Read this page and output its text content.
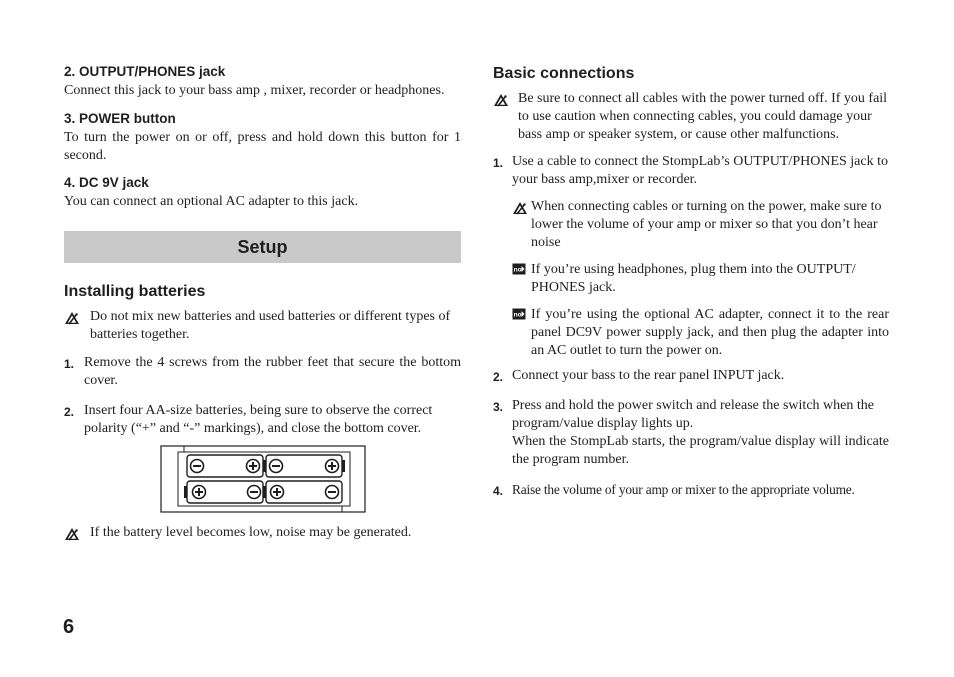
2. OUTPUT/PHONES jack
Connect this jack to your bass amp , mixer, recorder or headphones.
3. POWER button
To turn the power on or off, press and hold down this button for 1 second.
4. DC 9V jack
You can connect an optional AC adapter to this jack.
Setup
Installing batteries
Do not mix new batteries and used batteries or different types of batteries together.
1. Remove the 4 screws from the rubber feet that secure the bottom cover.
2. Insert four AA-size batteries, being sure to observe the correct polarity (“+” and “-” markings), and close the bottom cover.
If the battery level becomes low, noise may be generated.
6
Basic connections
Be sure to connect all cables with the power turned off. If you fail to use caution when connecting cables, you could damage your bass amp or speaker system, or cause other malfunctions.
1. Use a cable to connect the StompLab’s OUTPUT/PHONES jack to your bass amp,mixer or recorder.
When connecting cables or turning on the power, make sure to lower the volume of your amp or mixer so that you don’t hear noise
If you’re using headphones, plug them into the OUTPUT/ PHONES jack.
If you’re using the optional AC adapter, connect it to the rear panel DC9V power supply jack, and then plug the adapter into an AC outlet to turn the power on.
2. Connect your bass to the rear panel INPUT jack.
3. Press and hold the power switch and release the switch when the program/value display lights up.
When the StompLab starts, the program/value display will indicate the program number.
4. Raise the volume of your amp or mixer to the appropriate volume.
